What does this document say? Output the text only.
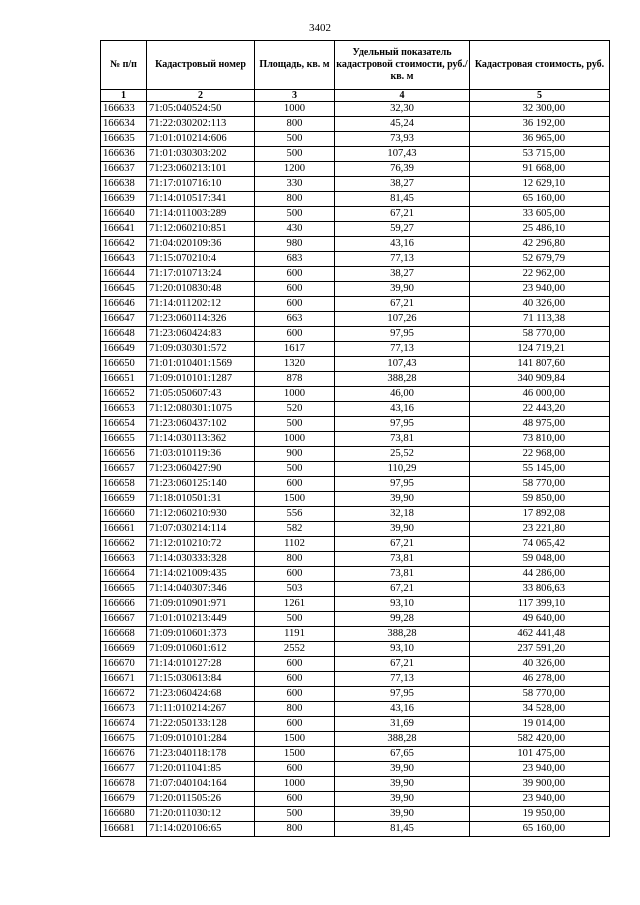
3402
№ п/п	Кадастровый номер	Площадь, кв. м	Удельный показатель кадастровой стоимости, руб./кв. м	Кадастровая стоимость, руб.
1	2	3	4	5
166633	71:05:040524:50	1000	32,30	32 300,00
166634	71:22:030202:113	800	45,24	36 192,00
166635	71:01:010214:606	500	73,93	36 965,00
166636	71:01:030303:202	500	107,43	53 715,00
166637	71:23:060213:101	1200	76,39	91 668,00
166638	71:17:010716:10	330	38,27	12 629,10
166639	71:14:010517:341	800	81,45	65 160,00
166640	71:14:011003:289	500	67,21	33 605,00
166641	71:12:060210:851	430	59,27	25 486,10
166642	71:04:020109:36	980	43,16	42 296,80
166643	71:15:070210:4	683	77,13	52 679,79
166644	71:17:010713:24	600	38,27	22 962,00
166645	71:20:010830:48	600	39,90	23 940,00
166646	71:14:011202:12	600	67,21	40 326,00
166647	71:23:060114:326	663	107,26	71 113,38
166648	71:23:060424:83	600	97,95	58 770,00
166649	71:09:030301:572	1617	77,13	124 719,21
166650	71:01:010401:1569	1320	107,43	141 807,60
166651	71:09:010101:1287	878	388,28	340 909,84
166652	71:05:050607:43	1000	46,00	46 000,00
166653	71:12:080301:1075	520	43,16	22 443,20
166654	71:23:060437:102	500	97,95	48 975,00
166655	71:14:030113:362	1000	73,81	73 810,00
166656	71:03:010119:36	900	25,52	22 968,00
166657	71:23:060427:90	500	110,29	55 145,00
166658	71:23:060125:140	600	97,95	58 770,00
166659	71:18:010501:31	1500	39,90	59 850,00
166660	71:12:060210:930	556	32,18	17 892,08
166661	71:07:030214:114	582	39,90	23 221,80
166662	71:12:010210:72	1102	67,21	74 065,42
166663	71:14:030333:328	800	73,81	59 048,00
166664	71:14:021009:435	600	73,81	44 286,00
166665	71:14:040307:346	503	67,21	33 806,63
166666	71:09:010901:971	1261	93,10	117 399,10
166667	71:01:010213:449	500	99,28	49 640,00
166668	71:09:010601:373	1191	388,28	462 441,48
166669	71:09:010601:612	2552	93,10	237 591,20
166670	71:14:010127:28	600	67,21	40 326,00
166671	71:15:030613:84	600	77,13	46 278,00
166672	71:23:060424:68	600	97,95	58 770,00
166673	71:11:010214:267	800	43,16	34 528,00
166674	71:22:050133:128	600	31,69	19 014,00
166675	71:09:010101:284	1500	388,28	582 420,00
166676	71:23:040118:178	1500	67,65	101 475,00
166677	71:20:011041:85	600	39,90	23 940,00
166678	71:07:040104:164	1000	39,90	39 900,00
166679	71:20:011505:26	600	39,90	23 940,00
166680	71:20:011030:12	500	39,90	19 950,00
166681	71:14:020106:65	800	81,45	65 160,00
